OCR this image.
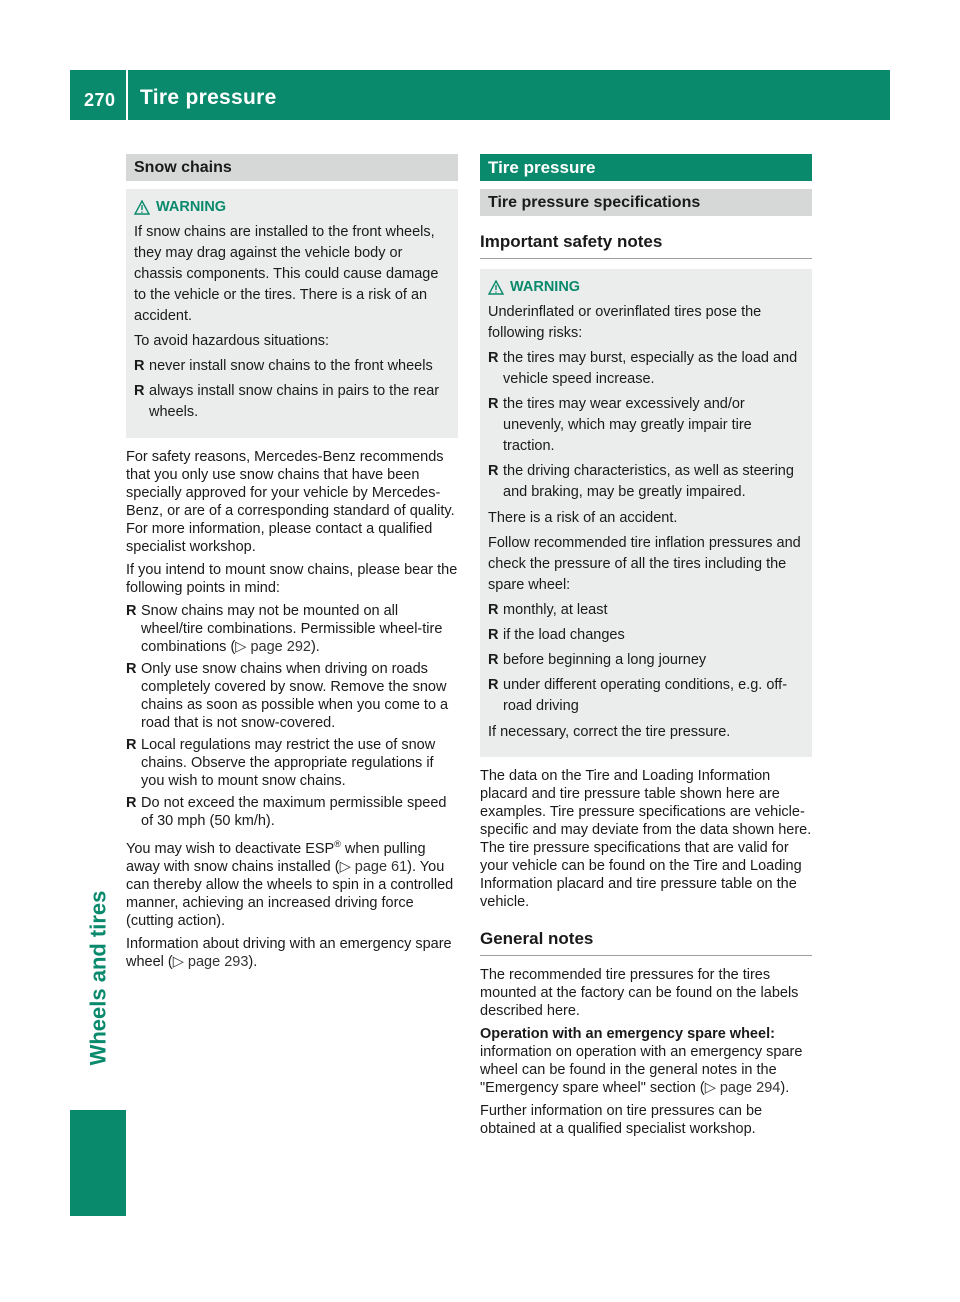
270 Tire pressure
Wheels and tires
Snow chains
WARNING

If snow chains are installed to the front wheels, they may drag against the vehicle body or chassis components. This could cause damage to the vehicle or the tires. There is a risk of an accident.

To avoid hazardous situations:

R never install snow chains to the front wheels
R always install snow chains in pairs to the rear wheels.

For safety reasons, Mercedes-Benz recommends that you only use snow chains that have been specially approved for your vehicle by Mercedes-Benz, or are of a corresponding standard of quality. For more information, please contact a qualified specialist workshop.

If you intend to mount snow chains, please bear the following points in mind:

R Snow chains may not be mounted on all wheel/tire combinations. Permissible wheel-tire combinations (▷ page 292).
R Only use snow chains when driving on roads completely covered by snow. Remove the snow chains as soon as possible when you come to a road that is not snow-covered.
R Local regulations may restrict the use of snow chains. Observe the appropriate regulations if you wish to mount snow chains.
R Do not exceed the maximum permissible speed of 30 mph (50 km/h).

You may wish to deactivate ESP® when pulling away with snow chains installed (▷ page 61). You can thereby allow the wheels to spin in a controlled manner, achieving an increased driving force (cutting action).

Information about driving with an emergency spare wheel (▷ page 293).

Tire pressure
Tire pressure specifications
Important safety notes
WARNING

Underinflated or overinflated tires pose the following risks:

R the tires may burst, especially as the load and vehicle speed increase.
R the tires may wear excessively and/or unevenly, which may greatly impair tire traction.
R the driving characteristics, as well as steering and braking, may be greatly impaired.

There is a risk of an accident.

Follow recommended tire inflation pressures and check the pressure of all the tires including the spare wheel:

R monthly, at least
R if the load changes
R before beginning a long journey
R under different operating conditions, e.g. off-road driving

If necessary, correct the tire pressure.

The data on the Tire and Loading Information placard and tire pressure table shown here are examples. Tire pressure specifications are vehicle-specific and may deviate from the data shown here. The tire pressure specifications that are valid for your vehicle can be found on the Tire and Loading Information placard and tire pressure table on the vehicle.

General notes

The recommended tire pressures for the tires mounted at the factory can be found on the labels described here.

Operation with an emergency spare wheel: information on operation with an emergency spare wheel can be found in the general notes in the "Emergency spare wheel" section (▷ page 294).

Further information on tire pressures can be obtained at a qualified specialist workshop.
